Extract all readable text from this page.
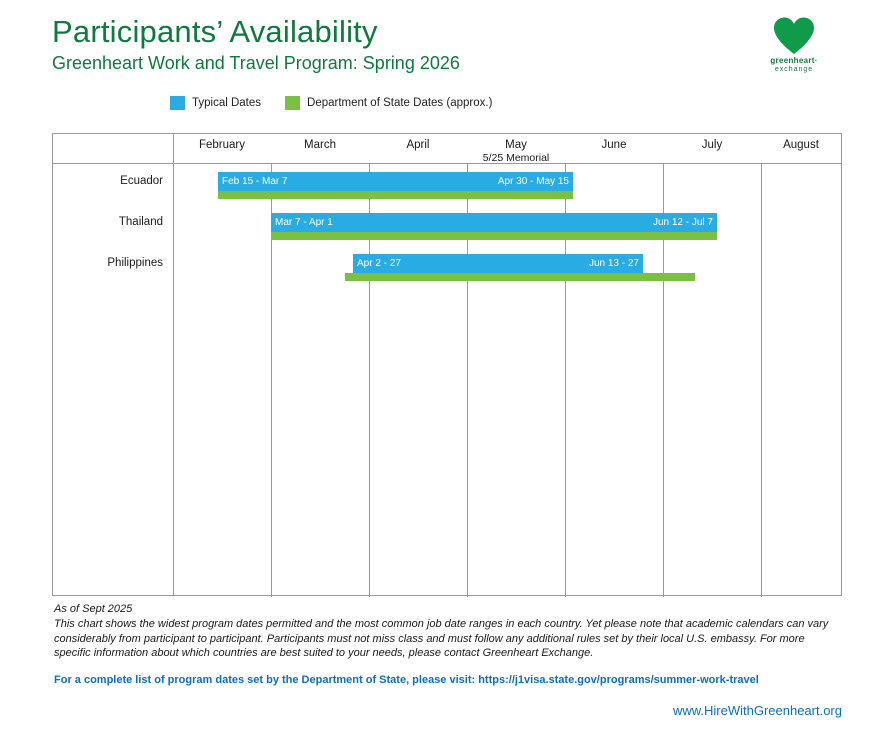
Participants’ Availability
Greenheart Work and Travel Program: Spring 2026	greenheart·
exchange
Typical Dates	Department of State Dates (approx.)
February	March	April	May
5/25 Memorial
June	July	August
Ecuador	Feb 15 - Mar 7	Apr 30 - May 15
Thailand	Mar 7 - Apr 1	Jun 12 - Jul 7
Philippines	Apr 2 - 27	Jun 13 - 27
As of Sept 2025
This chart shows the widest program dates permitted and the most common job date ranges in each country. Yet please note that academic calendars can vary considerably from participant to participant. Participants must not miss class and must follow any additional rules set by their local U.S. embassy. For more specific information about which countries are best suited to your needs, please contact Greenheart Exchange.
For a complete list of program dates set by the Department of State, please visit: https://j1visa.state.gov/programs/summer-work-travel
www.HireWithGreenheart.org
